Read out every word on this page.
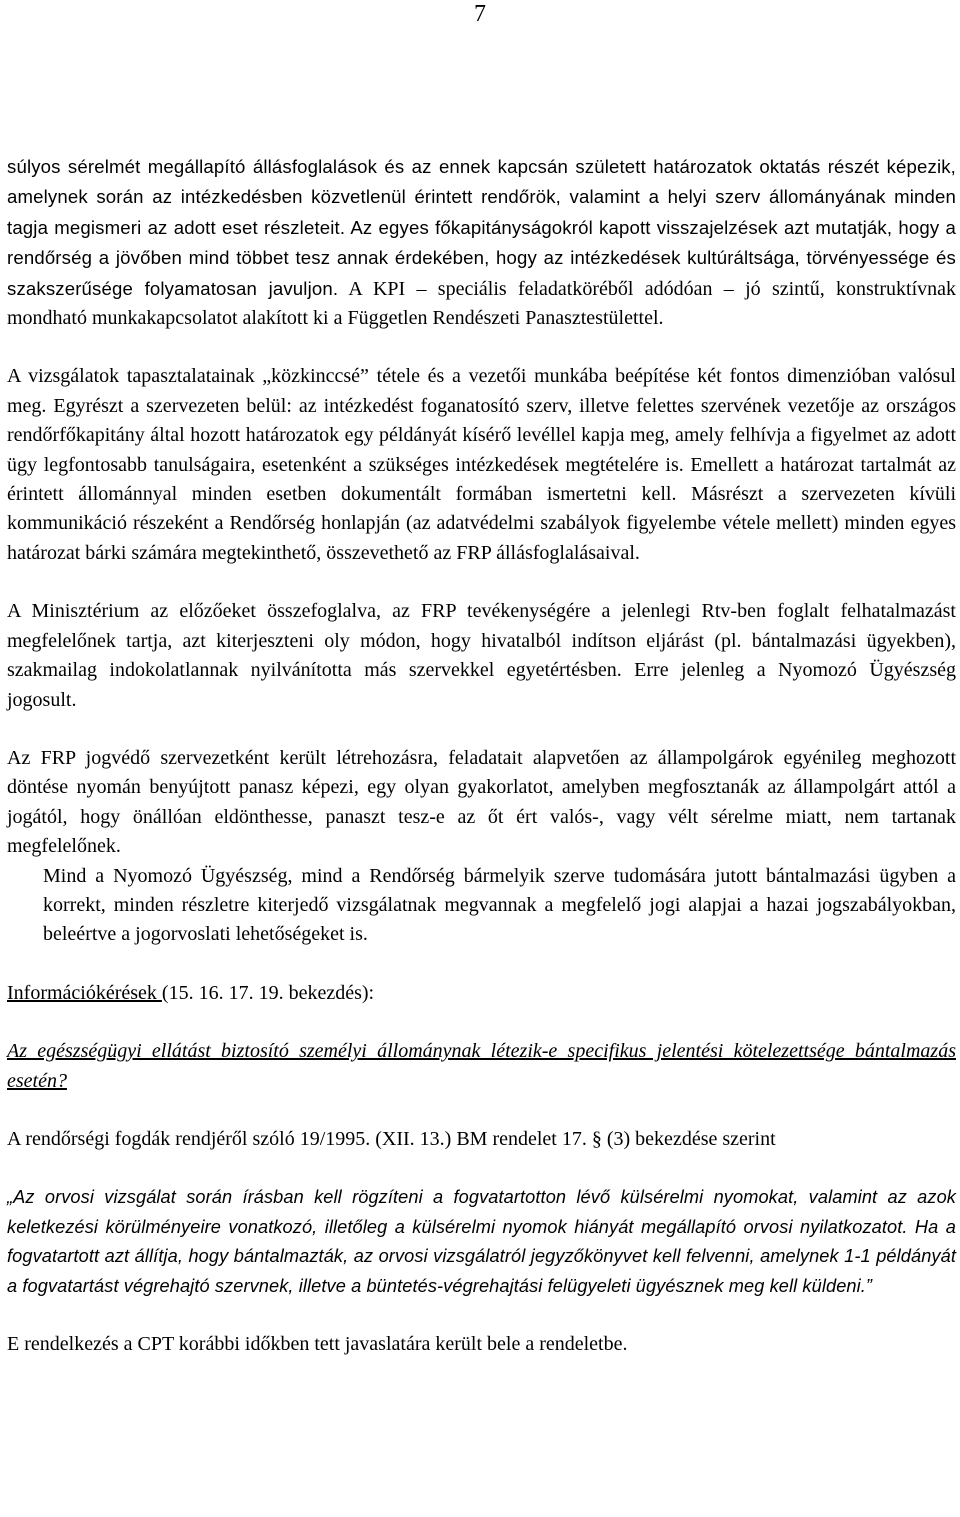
7

súlyos sérelmét megállapító állásfoglalások és az ennek kapcsán született határozatok oktatás részét képezik, amelynek során az intézkedésben közvetlenül érintett rendőrök, valamint a helyi szerv állományának minden tagja megismeri az adott eset részleteit. Az egyes főkapitányságokról kapott visszajelzések azt mutatják, hogy a rendőrség a jövőben mind többet tesz annak érdekében, hogy az intézkedések kultúráltsága, törvényessége és szakszerűsége folyamatosan javuljon. A KPI – speciális feladatköréből adódóan – jó szintű, konstruktívnak mondható munkakapcsolatot alakított ki a Független Rendészeti Panasztestülettel.

A vizsgálatok tapasztalatainak „közkinccsé” tétele és a vezetői munkába beépítése két fontos dimenzióban valósul meg. Egyrészt a szervezeten belül: az intézkedést foganatosító szerv, illetve felettes szervének vezetője az országos rendőrfőkapitány által hozott határozatok egy példányát kísérő levéllel kapja meg, amely felhívja a figyelmet az adott ügy legfontosabb tanulságaira, esetenként a szükséges intézkedések megtételére is. Emellett a határozat tartalmát az érintett állománnyal minden esetben dokumentált formában ismertetni kell. Másrészt a szervezeten kívüli kommunikáció részeként a Rendőrség honlapján (az adatvédelmi szabályok figyelembe vétele mellett) minden egyes határozat bárki számára megtekinthető, összevethető az FRP állásfoglalásaival.

A Minisztérium az előzőeket összefoglalva, az FRP tevékenységére a jelenlegi Rtv-ben foglalt felhatalmazást megfelelőnek tartja, azt kiterjeszteni oly módon, hogy hivatalból indítson eljárást (pl. bántalmazási ügyekben), szakmailag indokolatlannak nyilvánította más szervekkel egyetértésben. Erre jelenleg a Nyomozó Ügyészség jogosult.

Az FRP jogvédő szervezetként került létrehozásra, feladatait alapvetően az állampolgárok egyénileg meghozott döntése nyomán benyújtott panasz képezi, egy olyan gyakorlatot, amelyben megfosztanák az állampolgárt attól a jogától, hogy önállóan eldönthesse, panaszt tesz-e az őt ért valós-, vagy vélt sérelme miatt, nem tartanak megfelelőnek.

Mind a Nyomozó Ügyészség, mind a Rendőrség bármelyik szerve tudomására jutott bántalmazási ügyben a korrekt, minden részletre kiterjedő vizsgálatnak megvannak a megfelelő jogi alapjai a hazai jogszabályokban, beleértve a jogorvoslati lehetőségeket is.

Információkérések (15. 16. 17. 19. bekezdés):

Az egészségügyi ellátást biztosító személyi állománynak létezik-e specifikus jelentési kötelezettsége bántalmazás esetén?

A rendőrségi fogdák rendjéről szóló 19/1995. (XII. 13.) BM rendelet 17. § (3) bekezdése szerint

„Az orvosi vizsgálat során írásban kell rögzíteni a fogvatartotton lévő külsérelmi nyomokat, valamint az azok keletkezési körülményeire vonatkozó, illetőleg a külsérelmi nyomok hiányát megállapító orvosi nyilatkozatot. Ha a fogvatartott azt állítja, hogy bántalmazták, az orvosi vizsgálatról jegyzőkönyvet kell felvenni, amelynek 1-1 példányát a fogvatartást végrehajtó szervnek, illetve a büntetés-végrehajtási felügyeleti ügyésznek meg kell küldeni.”

E rendelkezés a CPT korábbi időkben tett javaslatára került bele a rendeletbe.
